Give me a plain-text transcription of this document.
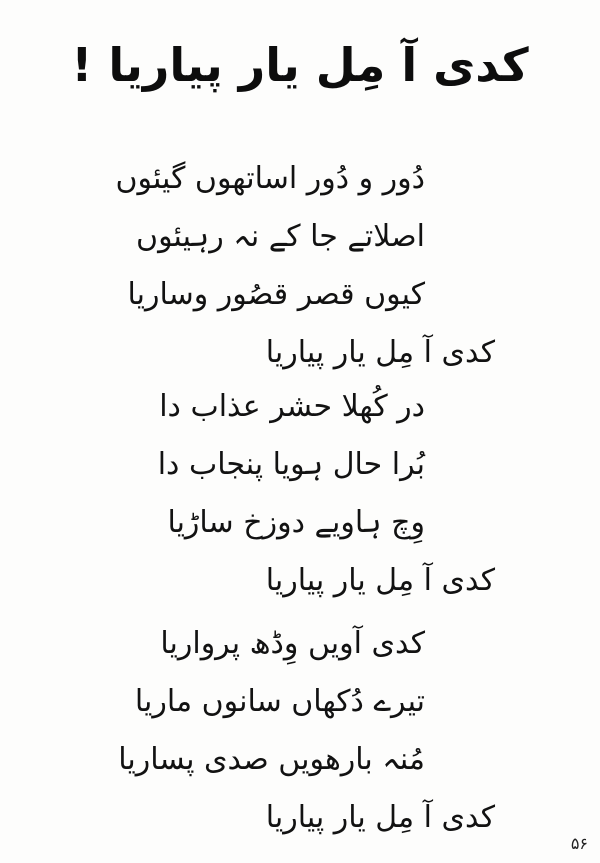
کدی آ مِل یار پیاریا !
دُور و دُور اساتھوں گیئوں
اصلاتے جا کے نہ رہیئوں
کیوں قصر قصُور وساریا
کدی آ مِل یار پیاریا
در کُھلا حشر عذاب دا
بُرا حال ہویا پنجاب دا
وِچ ہاویے دوزخ ساڑیا
کدی آ مِل یار پیاریا
کدی آویں وِڈھ پرواریا
تیرے دُکھاں سانوں ماریا
مُنہ بارھویں صدی پساریا
کدی آ مِل یار پیاریا
۵۶
